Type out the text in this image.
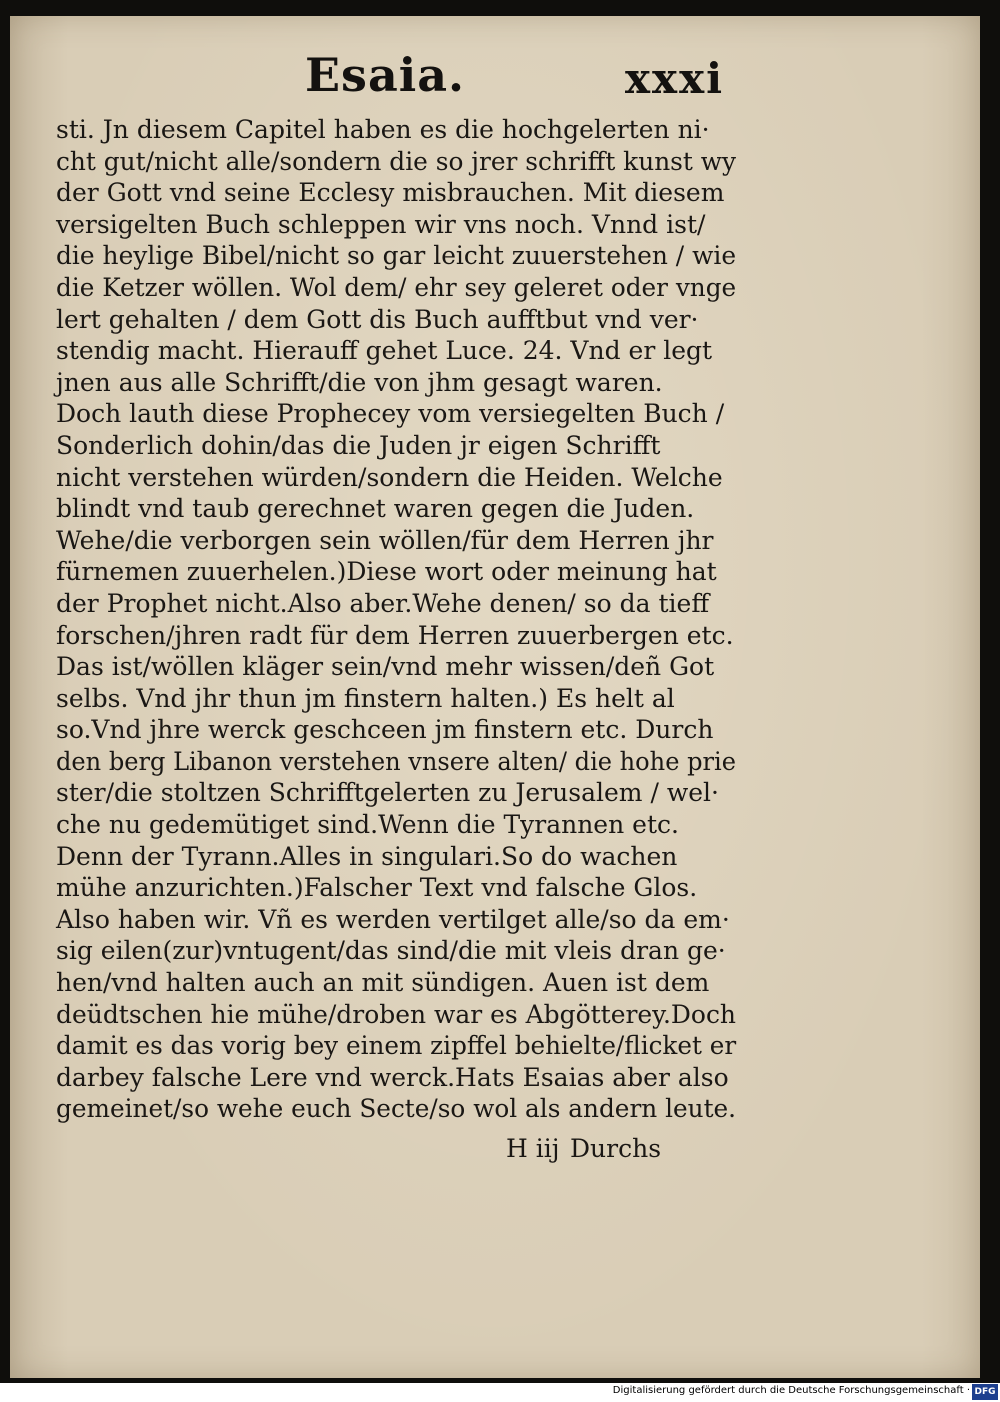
Esaia.	xxxi
sti. Jn diesem Capitel haben es die hochgelerten ni·
cht gut/nicht alle/sondern die so jrer schrifft kunst wy
der Gott vnd seine Ecclesy misbrauchen. Mit diesem
versigelten Buch schleppen wir vns noch. Vnnd ist/
die heylige Bibel/nicht so gar leicht zuuerstehen / wie
die Ketzer wöllen. Wol dem/ ehr sey geleret oder vnge
lert gehalten / dem Gott dis Buch aufftbut vnd ver·
stendig macht. Hierauff gehet Luce. 24. Vnd er legt
jnen aus alle Schrifft/die von jhm gesagt waren.
Doch lauth diese Prophecey vom versiegelten Buch /
Sonderlich dohin/das die Juden jr eigen Schrifft
nicht verstehen würden/sondern die Heiden. Welche
blindt vnd taub gerechnet waren gegen die Juden.
Wehe/die verborgen sein wöllen/für dem Herren jhr
fürnemen zuuerhelen.)Diese wort oder meinung hat
der Prophet nicht.Also aber.Wehe denen/ so da tieff
forschen/jhren radt für dem Herren zuuerbergen etc.
Das ist/wöllen kläger sein/vnd mehr wissen/deñ Got
selbs. Vnd jhr thun jm finstern halten.) Es helt al
so.Vnd jhre werck geschceen jm finstern etc. Durch
den berg Libanon verstehen vnsere alten/ die hohe prie
ster/die stoltzen Schrifftgelerten zu Jerusalem / wel·
che nu gedemütiget sind.Wenn die Tyrannen etc.
Denn der Tyrann.Alles in singulari.So do wachen
mühe anzurichten.)Falscher Text vnd falsche Glos.
Also haben wir. Vñ es werden vertilget alle/so da em·
sig eilen(zur)vntugent/das sind/die mit vleis dran ge·
hen/vnd halten auch an mit sündigen. Auen ist dem
deüdtschen hie mühe/droben war es Abgötterey.Doch
damit es das vorig bey einem zipffel behielte/flicket er
darbey falsche Lere vnd werck.Hats Esaias aber also
gemeinet/so wehe euch Secte/so wol als andern leute.
H iij Durchs
Digitalisierung gefördert durch die Deutsche Forschungsgemeinschaft · DFG
